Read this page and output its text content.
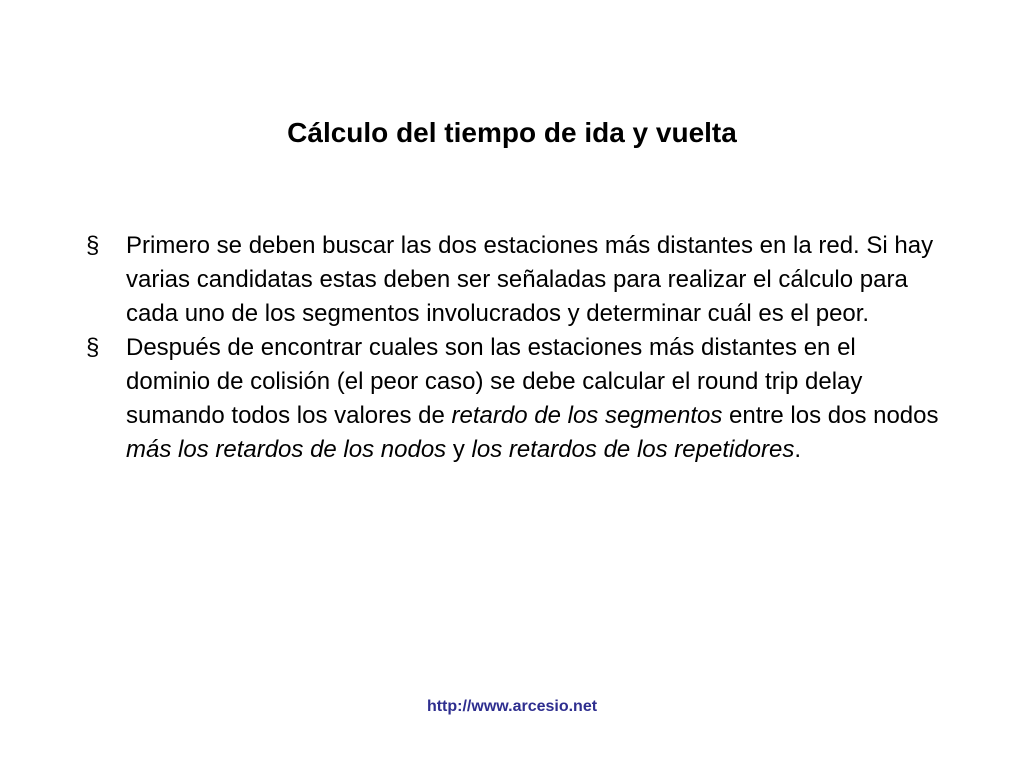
Cálculo del tiempo de ida y vuelta
§	Primero se deben buscar las dos estaciones más distantes en la red. Si hay varias candidatas estas deben ser señaladas para realizar el cálculo para cada uno de los segmentos involucrados y determinar cuál es el peor.
§	Después de encontrar cuales son las estaciones más distantes en el dominio de colisión (el peor caso) se debe calcular el round trip delay sumando todos los valores de retardo de los segmentos entre los dos nodos más los retardos de los nodos y los retardos de los repetidores.
http://www.arcesio.net
